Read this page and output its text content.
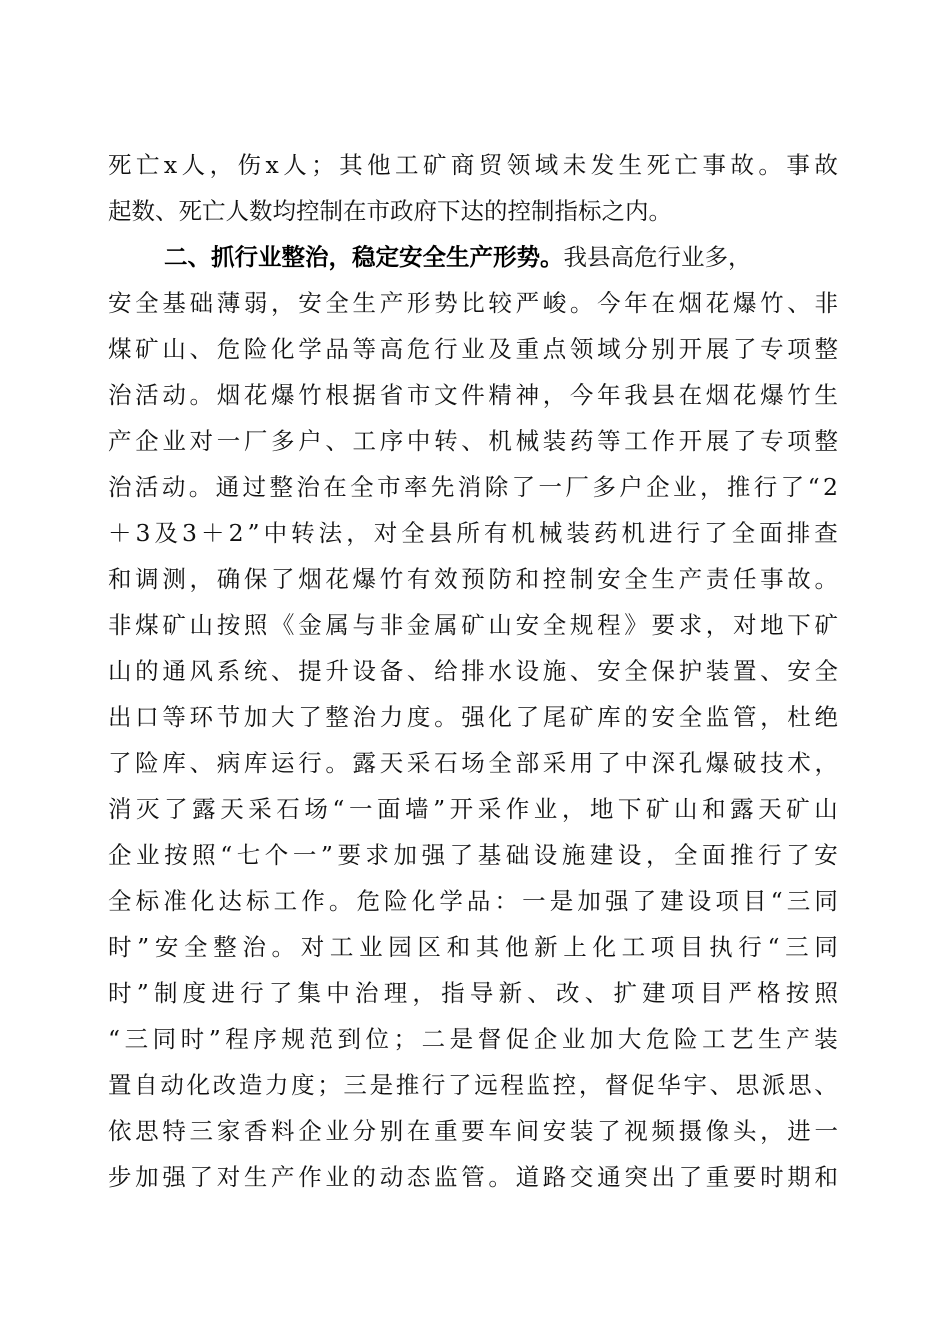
死 亡 x 人 ， 伤 x 人 ； 其 他 工 矿 商 贸 领 域 未 发 生 死 亡 事 故 。 事 故
起数、死亡人数均控制在市政府下达的控制指标之内。
二、抓行业整治，稳定安全生产形势。 我县高危行业多，
安 全 基 础 薄 弱 ， 安 全 生 产 形 势 比 较 严 峻 。 今 年 在 烟 花 爆 竹 、 非
煤 矿 山 、 危 险 化 学 品 等 高 危 行 业 及 重 点 领 域 分 别 开 展 了 专 项 整
治 活 动 。 烟 花 爆 竹 根 据 省 市 文 件 精 神 ， 今 年 我 县 在 烟 花 爆 竹 生
产 企 业 对 一 厂 多 户 、 工 序 中 转 、 机 械 装 药 等 工 作 开 展 了 专 项 整
治 活 动 。 通 过 整 治 在 全 市 率 先 消 除 了 一 厂 多 户 企 业 ， 推 行 了 “ 2
＋ 3 及 3 ＋ 2 ” 中 转 法 ， 对 全 县 所 有 机 械 装 药 机 进 行 了 全 面 排 查
和 调 测 ， 确 保 了 烟 花 爆 竹 有 效 预 防 和 控 制 安 全 生 产 责 任 事 故 。
非 煤 矿 山 按 照 《 金 属 与 非 金 属 矿 山 安 全 规 程 》 要 求 ， 对 地 下 矿
山 的 通 风 系 统 、 提 升 设 备 、 给 排 水 设 施 、 安 全 保 护 装 置 、 安 全
出 口 等 环 节 加 大 了 整 治 力 度 。 强 化 了 尾 矿 库 的 安 全 监 管 ， 杜 绝
了 险 库 、 病 库 运 行 。 露 天 采 石 场 全 部 采 用 了 中 深 孔 爆 破 技 术 ，
消 灭 了 露 天 采 石 场 “ 一 面 墙 ” 开 采 作 业 ， 地 下 矿 山 和 露 天 矿 山
企 业 按 照 “ 七 个 一 ” 要 求 加 强 了 基 础 设 施 建 设 ， 全 面 推 行 了 安
全 标 准 化 达 标 工 作 。 危 险 化 学 品 ： 一 是 加 强 了 建 设 项 目 “ 三 同
时 ” 安 全 整 治 。 对 工 业 园 区 和 其 他 新 上 化 工 项 目 执 行 “ 三 同
时 ” 制 度 进 行 了 集 中 治 理 ， 指 导 新 、 改 、 扩 建 项 目 严 格 按 照
“ 三 同 时 ” 程 序 规 范 到 位 ； 二 是 督 促 企 业 加 大 危 险 工 艺 生 产 装
置 自 动 化 改 造 力 度 ； 三 是 推 行 了 远 程 监 控 ， 督 促 华 宇 、 思 派 思 、
依 思 特 三 家 香 料 企 业 分 别 在 重 要 车 间 安 装 了 视 频 摄 像 头 ， 进 一
步 加 强 了 对 生 产 作 业 的 动 态 监 管 。 道 路 交 通 突 出 了 重 要 时 期 和
